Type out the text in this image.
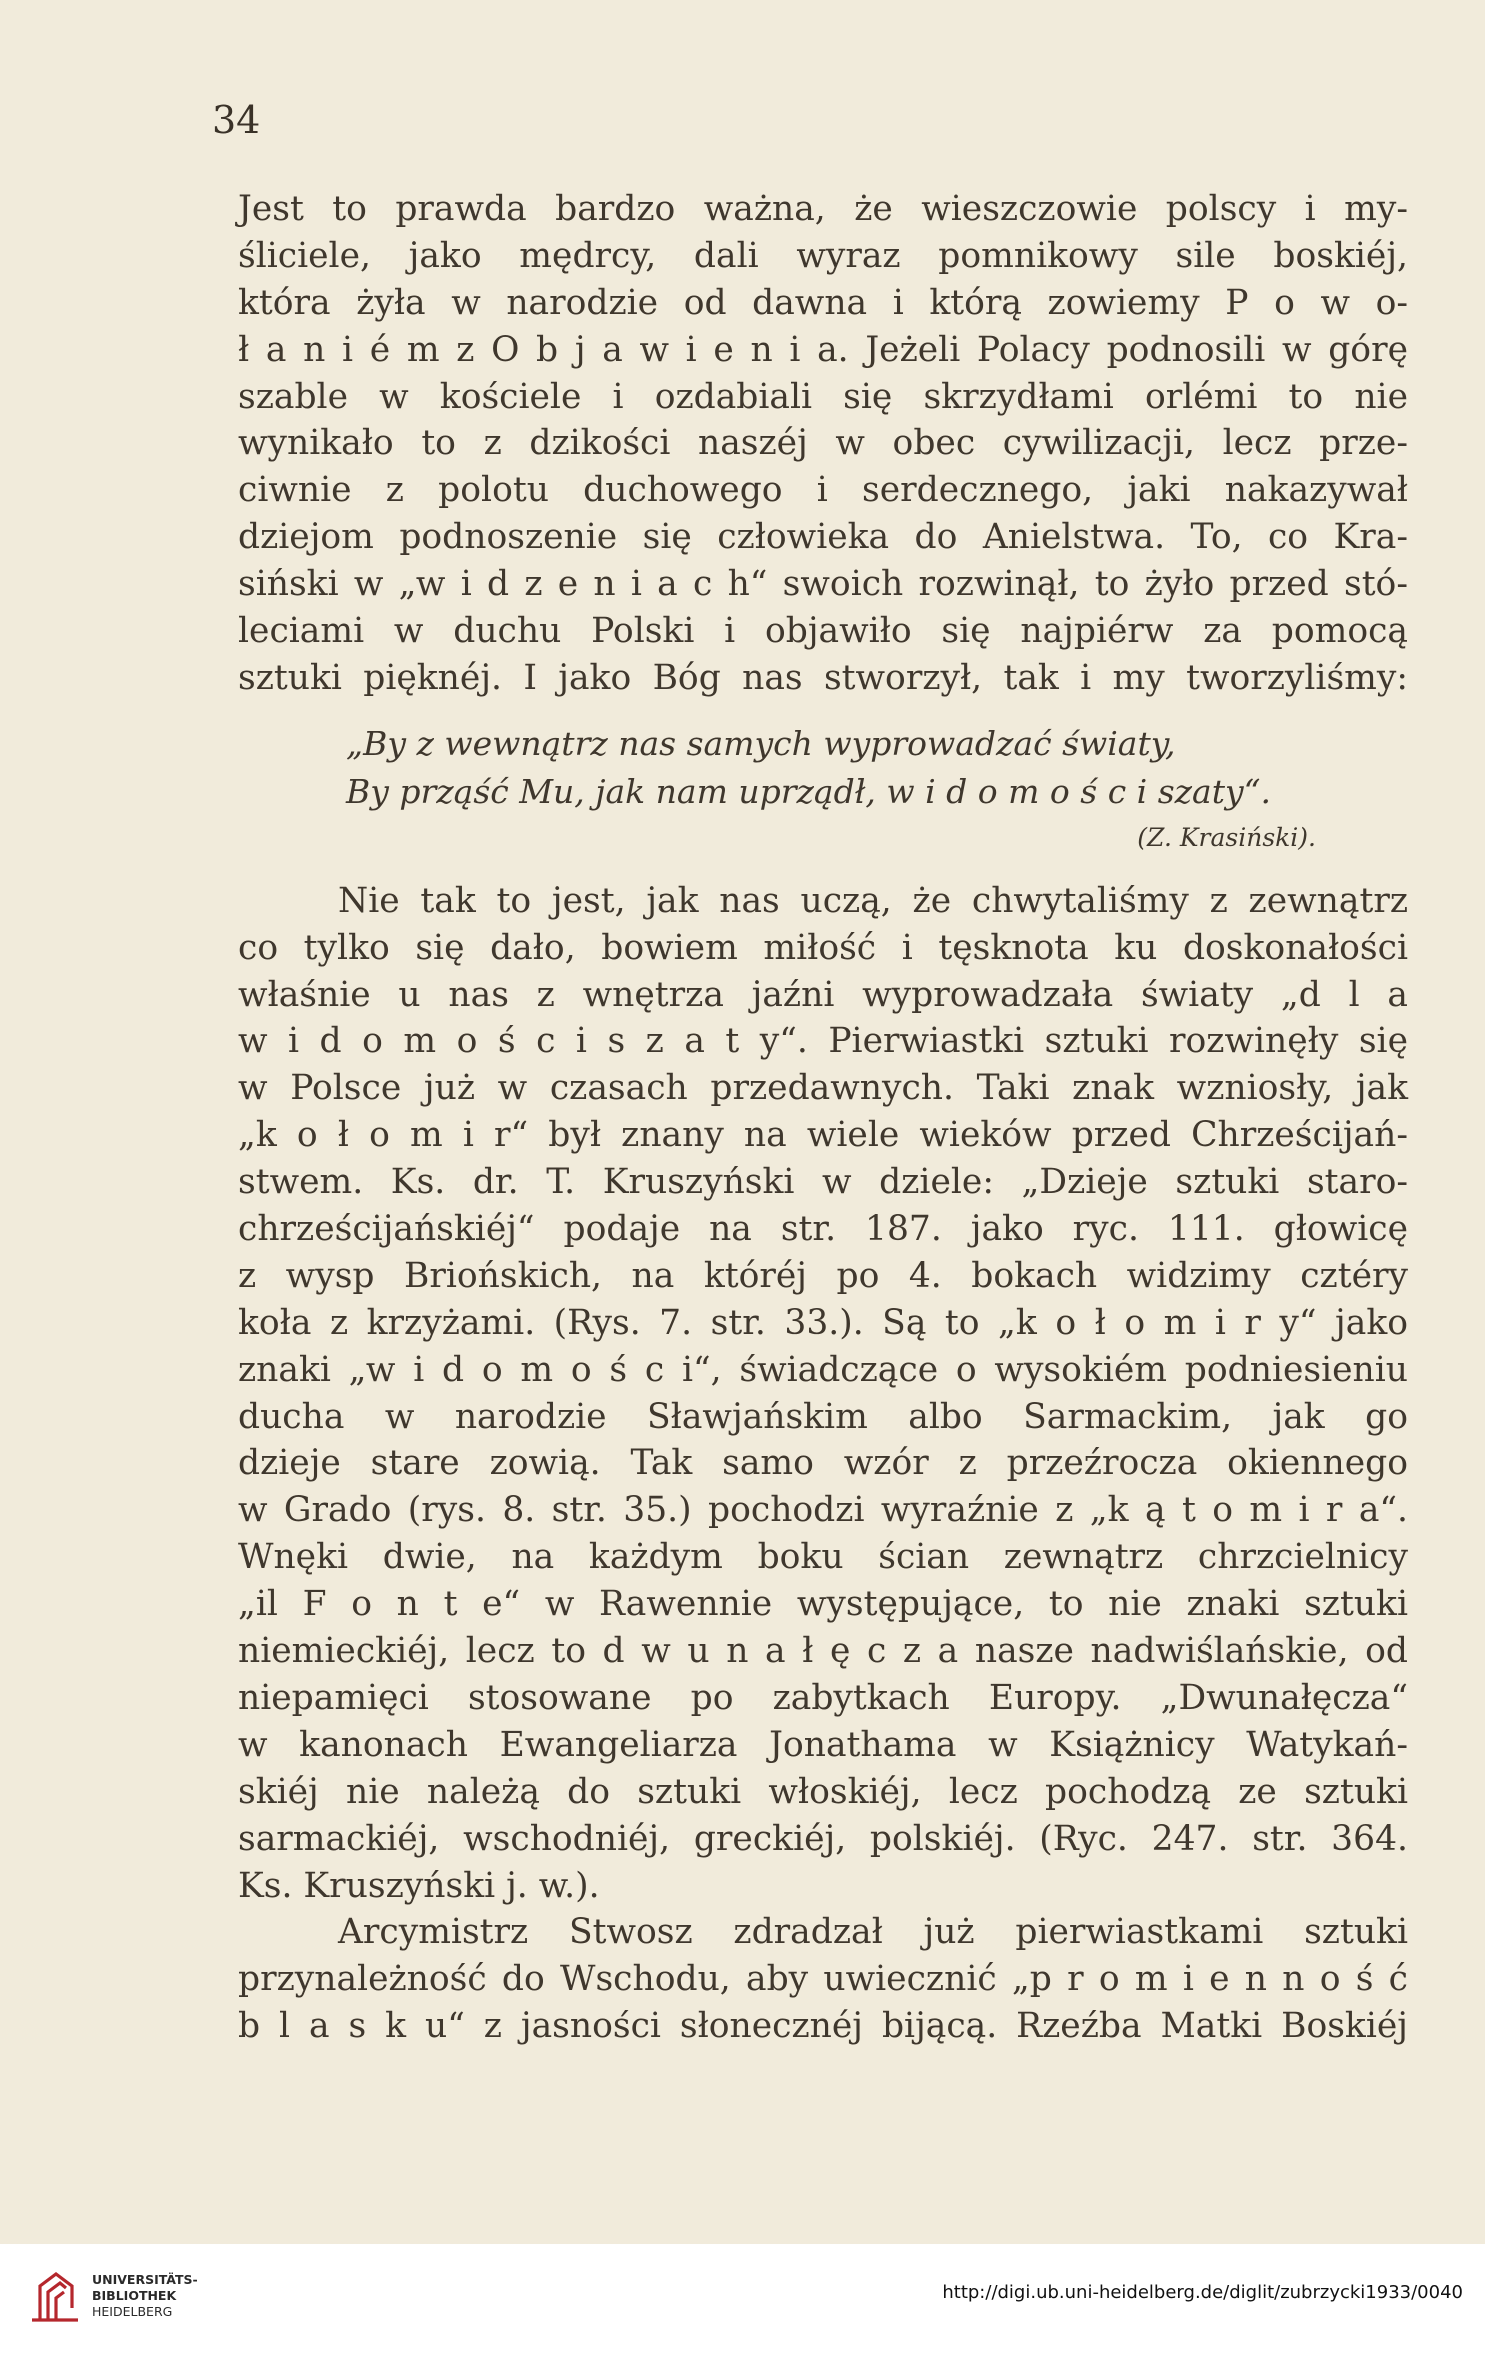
34
Jest to prawda bardzo ważna, że wieszczowie polscy i my-
śliciele, jako mędrcy, dali wyraz pomnikowy sile boskiéj,
która żyła w narodzie od dawna i którą zowiemy P o w o-
ł a n i é m z O b j a w i e n i a. Jeżeli Polacy podnosili w górę
szable w kościele i ozdabiali się skrzydłami orlémi to nie
wynikało to z dzikości naszéj w obec cywilizacji, lecz prze-
ciwnie z polotu duchowego i serdecznego, jaki nakazywał
dziejom podnoszenie się człowieka do Anielstwa. To, co Kra-
siński w „w i d z e n i a c h“ swoich rozwinął, to żyło przed stó-
leciami w duchu Polski i objawiło się najpiérw za pomocą
sztuki pięknéj. I jako Bóg nas stworzył, tak i my tworzyliśmy:
„By z wewnątrz nas samych wyprowadzać światy,
By prząść Mu, jak nam uprządł, w i d o m o ś c i szaty“.
(Z. Krasiński).
Nie tak to jest, jak nas uczą, że chwytaliśmy z zewnątrz
co tylko się dało, bowiem miłość i tęsknota ku doskonałości
właśnie u nas z wnętrza jaźni wyprowadzała światy „d l a
w i d o m o ś c i s z a t y“. Pierwiastki sztuki rozwinęły się
w Polsce już w czasach przedawnych. Taki znak wzniosły, jak
„k o ł o m i r“ był znany na wiele wieków przed Chrześcijań-
stwem. Ks. dr. T. Kruszyński w dziele: „Dzieje sztuki staro-
chrześcijańskiéj“ podaje na str. 187. jako ryc. 111. głowicę
z wysp Briońskich, na któréj po 4. bokach widzimy cztéry
koła z krzyżami. (Rys. 7. str. 33.). Są to „k o ł o m i r y“ jako
znaki „w i d o m o ś c i“, świadczące o wysokiém podniesieniu
ducha w narodzie Sławjańskim albo Sarmackim, jak go
dzieje stare zowią. Tak samo wzór z przeźrocza okiennego
w Grado (rys. 8. str. 35.) pochodzi wyraźnie z „k ą t o m i r a“.
Wnęki dwie, na każdym boku ścian zewnątrz chrzcielnicy
„il F o n t e“ w Rawennie występujące, to nie znaki sztuki
niemieckiéj, lecz to d w u n a ł ę c z a nasze nadwiślańskie, od
niepamięci stosowane po zabytkach Europy. „Dwunałęcza“
w kanonach Ewangeliarza Jonathama w Książnicy Watykań-
skiéj nie należą do sztuki włoskiéj, lecz pochodzą ze sztuki
sarmackiéj, wschodniéj, greckiéj, polskiéj. (Ryc. 247. str. 364.
Ks. Kruszyński j. w.).
Arcymistrz Stwosz zdradzał już pierwiastkami sztuki
przynależność do Wschodu, aby uwiecznić „p r o m i e n n o ś ć
b l a s k u“ z jasności słonecznéj bijącą. Rzeźba Matki Boskiéj
UNIVERSITÄTS-
BIBLIOTHEK
HEIDELBERG
http://digi.ub.uni-heidelberg.de/diglit/zubrzycki1933/0040
